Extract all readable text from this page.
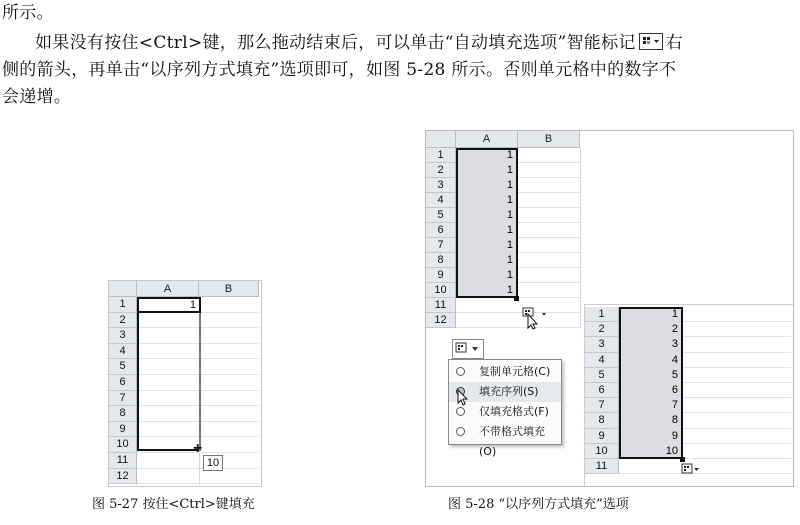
所示。
如果没有按住<Ctrl>键，那么拖动结束后，可以单击“自动填充选项”智能标记 右
侧的箭头，再单击“以序列方式填充”选项即可，如图 5-28 所示。否则单元格中的数字不
会递增。
A	B
1
2
3
4
5
6
7
8
9
10
11
12
1
+
10
图 5-27 按住<Ctrl>键填充
A	B
1
2
3
4
5
6
7
8
9
10
11
12
1
1
1
1
1
1
1
1
1
1
复制单元格(C)
填充序列(S)
仅填充格式(F)
不带格式填充(O)
1
2
3
4
5
6
7
8
9
10
11
1
2
3
4
5
6
7
8
9
10
图 5-28 “以序列方式填充”选项
